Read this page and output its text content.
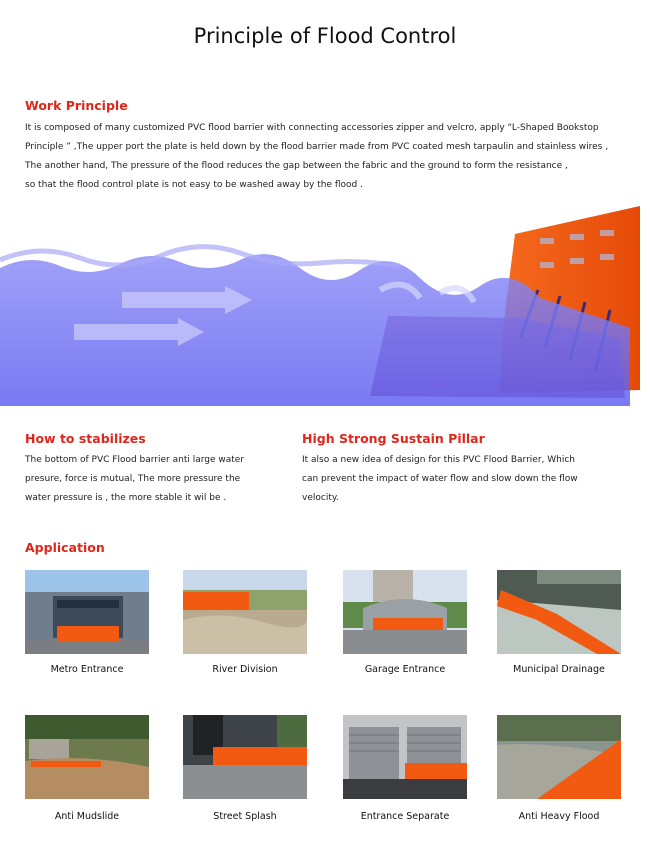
Principle of Flood Control
Work Principle
It is composed of many customized PVC flood barrier with connecting accessories zipper and velcro, apply “L-Shaped Bookstop
Principle ” ,The upper port the plate is held down by the flood barrier made from PVC coated mesh tarpaulin and stainless wires ,
The another hand, The pressure of the flood reduces the gap between the fabric and the ground to form the resistance ,
so that the flood control plate is not easy to be washed away by the flood .
How to stabilizes
The bottom of PVC Flood barrier anti large water
presure, force is mutual, The more pressure the
water pressure is , the more stable it wil be .
High Strong Sustain Pillar
It also a new idea of design for this PVC Flood Barrier, Which
can prevent the impact of water flow and slow down the flow
velocity.
Application
Metro Entrance	River Division	Garage Entrance	Municipal Drainage
Anti Mudslide	Street Splash	Entrance Separate	Anti Heavy Flood
